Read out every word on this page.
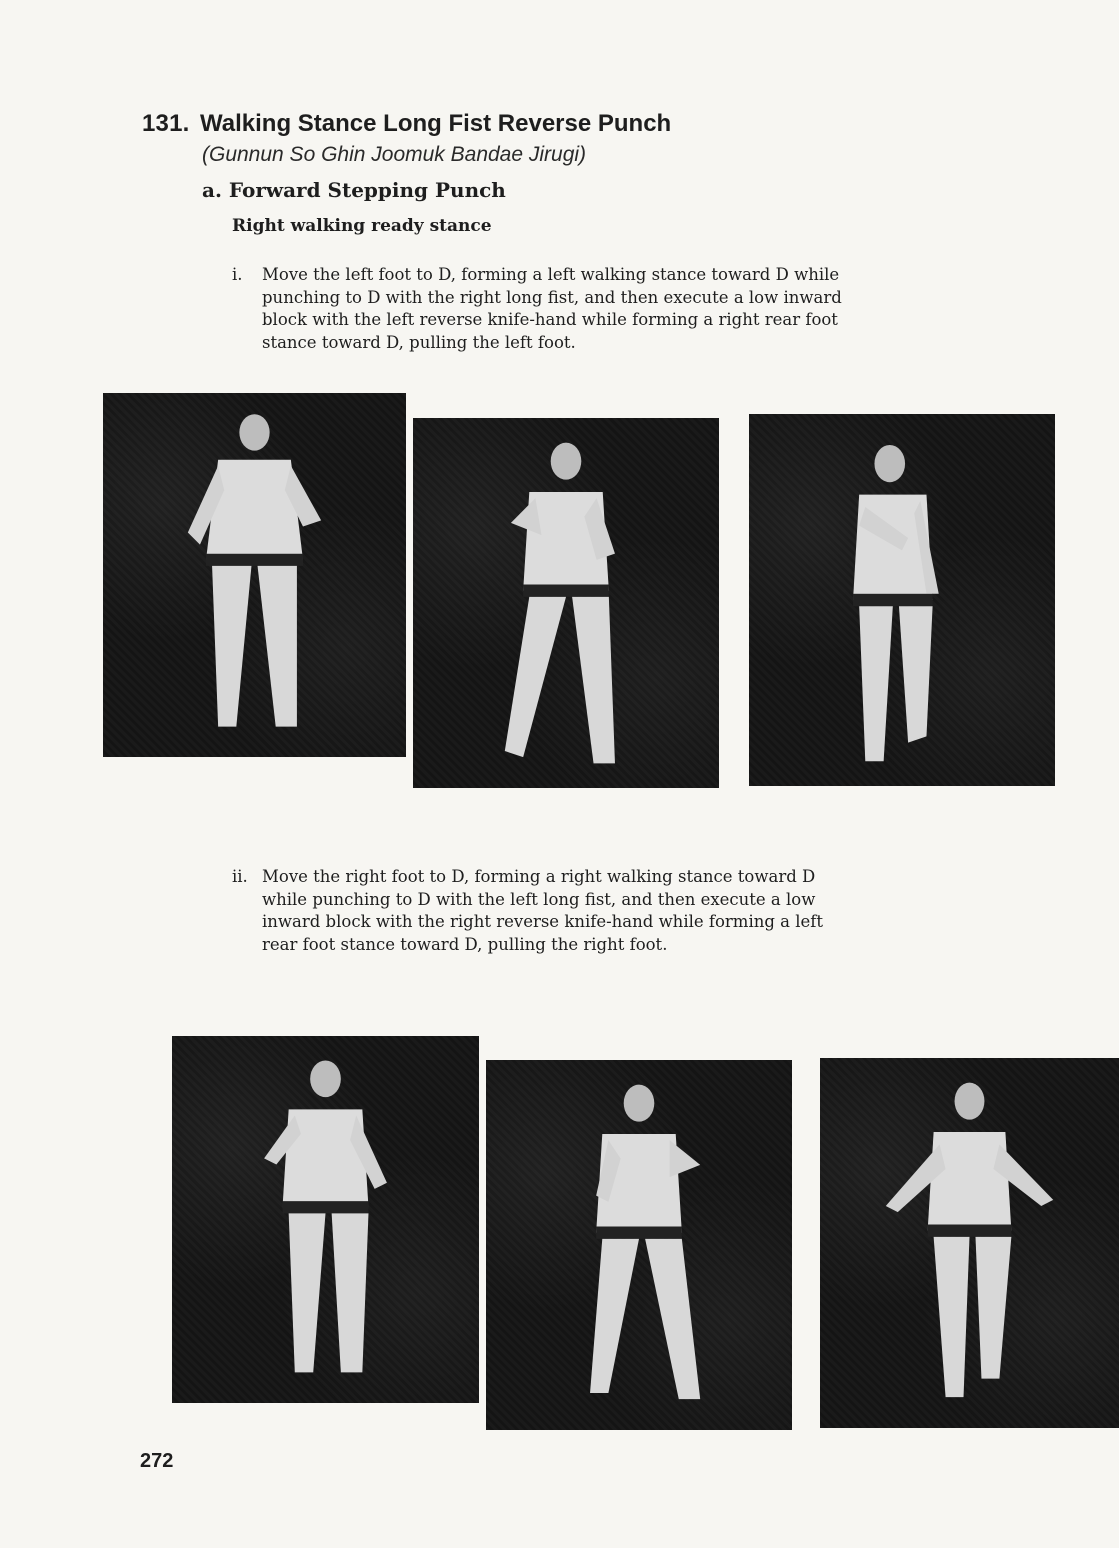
131. Walking Stance Long Fist Reverse Punch
(Gunnun So Ghin Joomuk Bandae Jirugi)
a. Forward Stepping Punch
Right walking ready stance
i. Move the left foot to D, forming a left walking stance toward D while
punching to D with the right long fist, and then execute a low inward
block with the left reverse knife-hand while forming a right rear foot
stance toward D, pulling the left foot.
ii. Move the right foot to D, forming a right walking stance toward D
while punching to D with the left long fist, and then execute a low
inward block with the right reverse knife-hand while forming a left
rear foot stance toward D, pulling the right foot.
272
